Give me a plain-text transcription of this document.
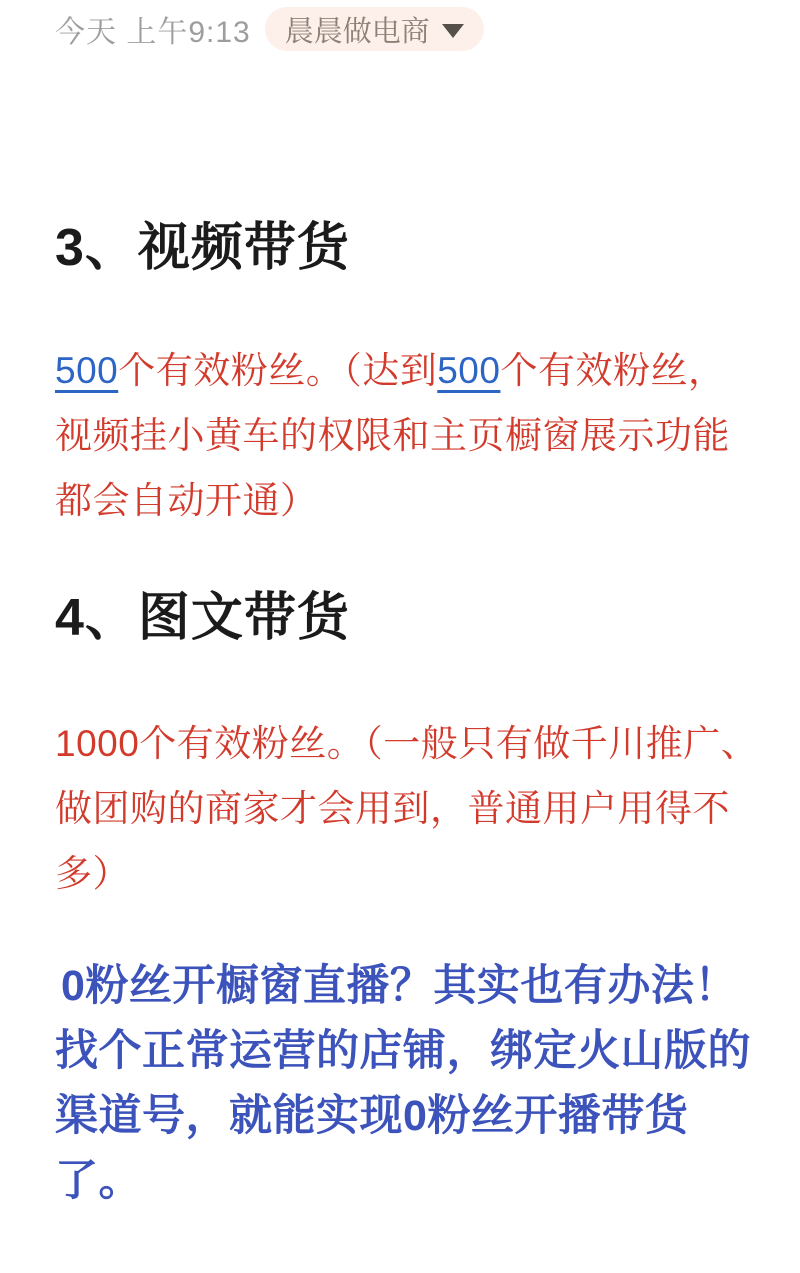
今天 上午9:13 晨晨做电商
3、视频带货
500个有效粉丝。（达到500个有效粉丝，视频挂小黄车的权限和主页橱窗展示功能都会自动开通）
4、图文带货
1000个有效粉丝。（一般只有做千川推广、做团购的商家才会用到，普通用户用得不多）
0粉丝开橱窗直播？其实也有办法！找个正常运营的店铺，绑定火山版的渠道号，就能实现0粉丝开播带货了。
